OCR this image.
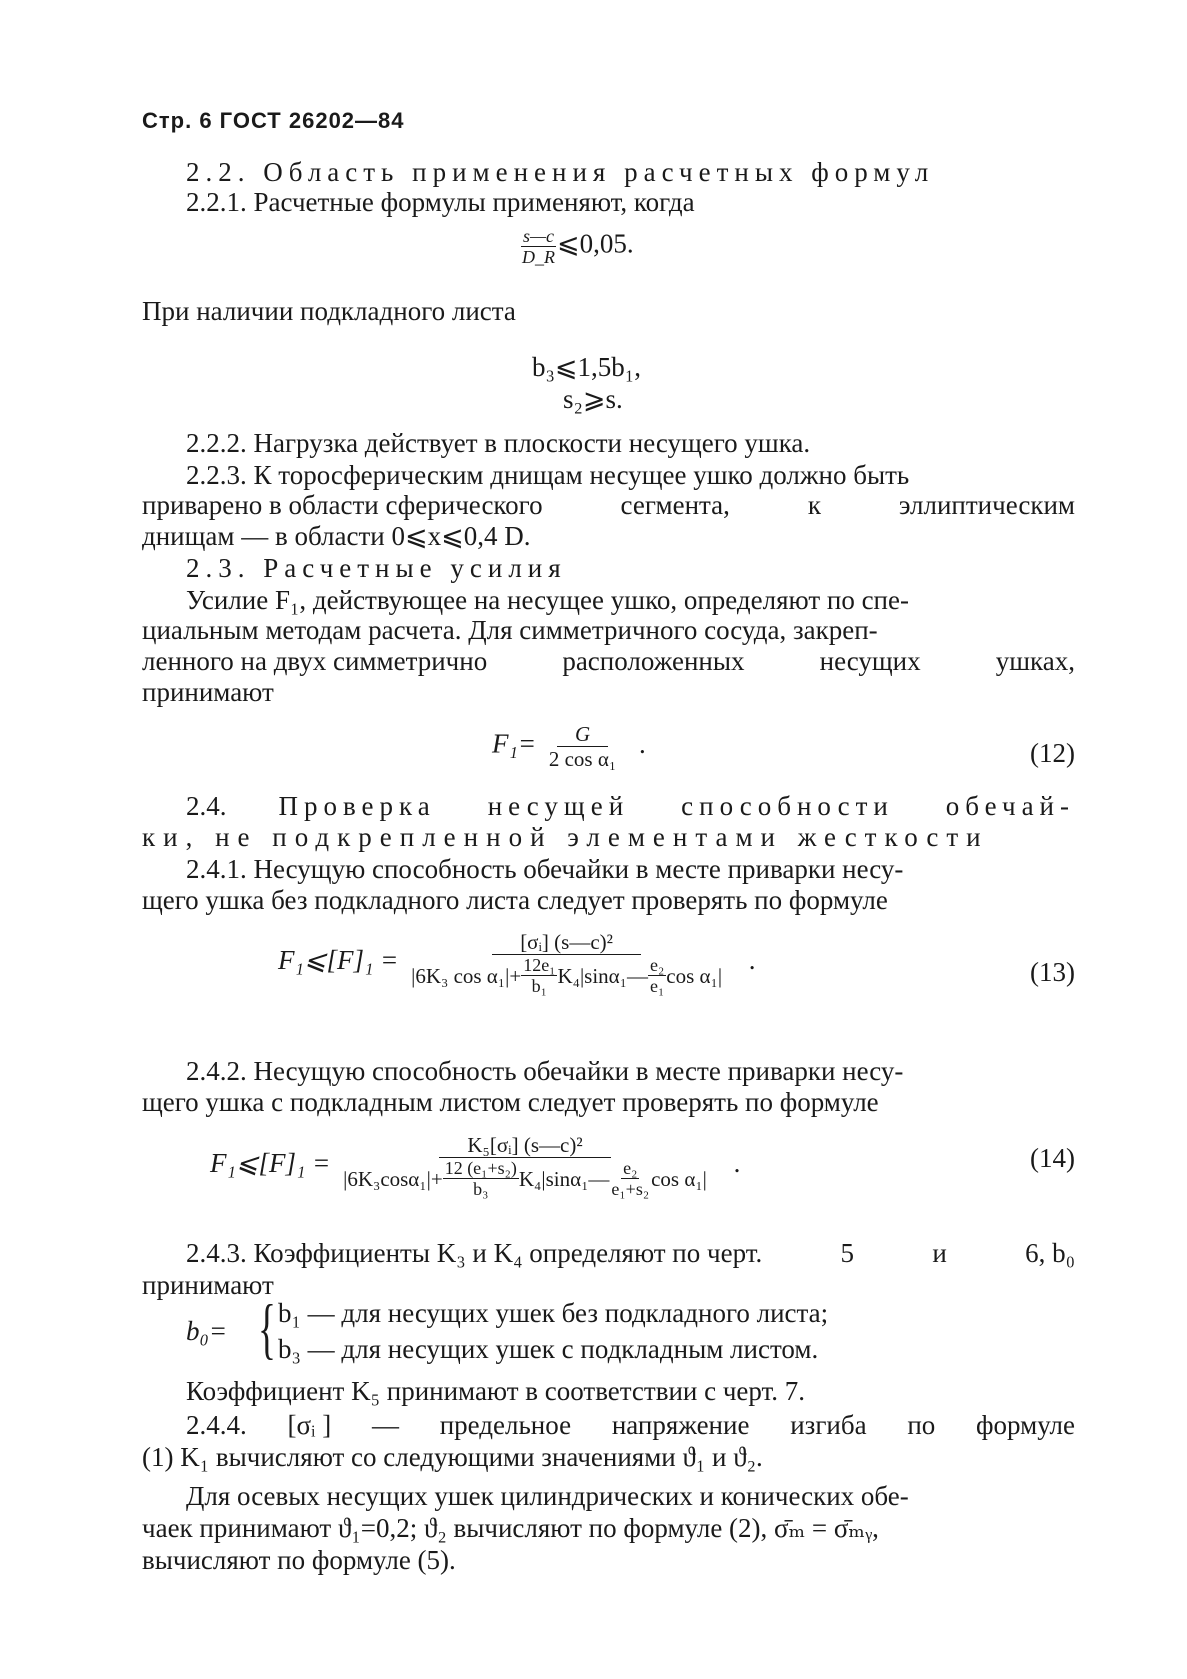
Стр. 6 ГОСТ 26202—84
2.2. Область применения расчетных формул
2.2.1. Расчетные формулы применяют, когда
$\frac{s—c}{D\_R}$ ⩽0,05.
При наличии подкладного листа
b₃⩽1,5b₁,
s₂⩾s.
2.2.2. Нагрузка действует в плоскости несущего ушка.
2.2.3. К торосферическим днищам несущее ушко должно быть
приварено в области сферического	сегмента,	к	эллиптическим
днищам — в области 0⩽x⩽0,4 D.
2.3. Расчетные усилия
Усилие F₁, действующее на несущее ушко, определяют по спе-
циальным методам расчета. Для симметричного сосуда, закреп-
ленного на двух симметрично	расположенных	несущих	ушках,
принимают
$F_1= \frac{G}{\text{2 cos α₁}}$ .	(12)
2.4. Проверка несущей способности обечай-
ки, не подкрепленной элементами жесткости
2.4.1. Несущую способность обечайки в месте приварки несу-
щего ушка без подкладного листа следует проверять по формуле
F₁⩽[F]₁ =
[σᵢ] (s—c)²
|6K₃ $\cos \alpha_1|+ \frac{\text{12e₁}}{\text{b₁}}$ K₄|sinα₁— $\frac{\text{e₂}}{\text{e₁}}$ cos α₁|
.	(13)
2.4.2. Несущую способность обечайки в месте приварки несу-
щего ушка с подкладным листом следует проверять по формуле
F₁⩽[F]₁ =
K₅[σᵢ] (s—c)²
$|6K_3\cos\alpha_1|+ \frac{\text{12 (e₁+s₂)}}{\text{b₃}}$ K₄|sinα₁— $\frac{\text{e₂}}{\text{e₁+s₂}}$ cos α₁|
.	(14)
2.4.3. Коэффициенты K₃ и K₄ определяют по черт.	5	и	6, b₀
принимают
b₀= { b₁ — для несущих ушек без подкладного листа;
b₃ — для несущих ушек с подкладным листом.
Коэффициент K₅ принимают в соответствии с черт. 7.
2.4.4. [σᵢ ] — предельное напряжение изгиба по формуле
(1) K₁ вычисляют со следующими значениями ϑ₁ и ϑ₂.
Для осевых несущих ушек цилиндрических и конических обе-
чаек принимают ϑ₁=0,2; ϑ₂ вычисляют по формуле (2), σ̄ₘ = σ̄ₘᵧ,
вычисляют по формуле (5).
